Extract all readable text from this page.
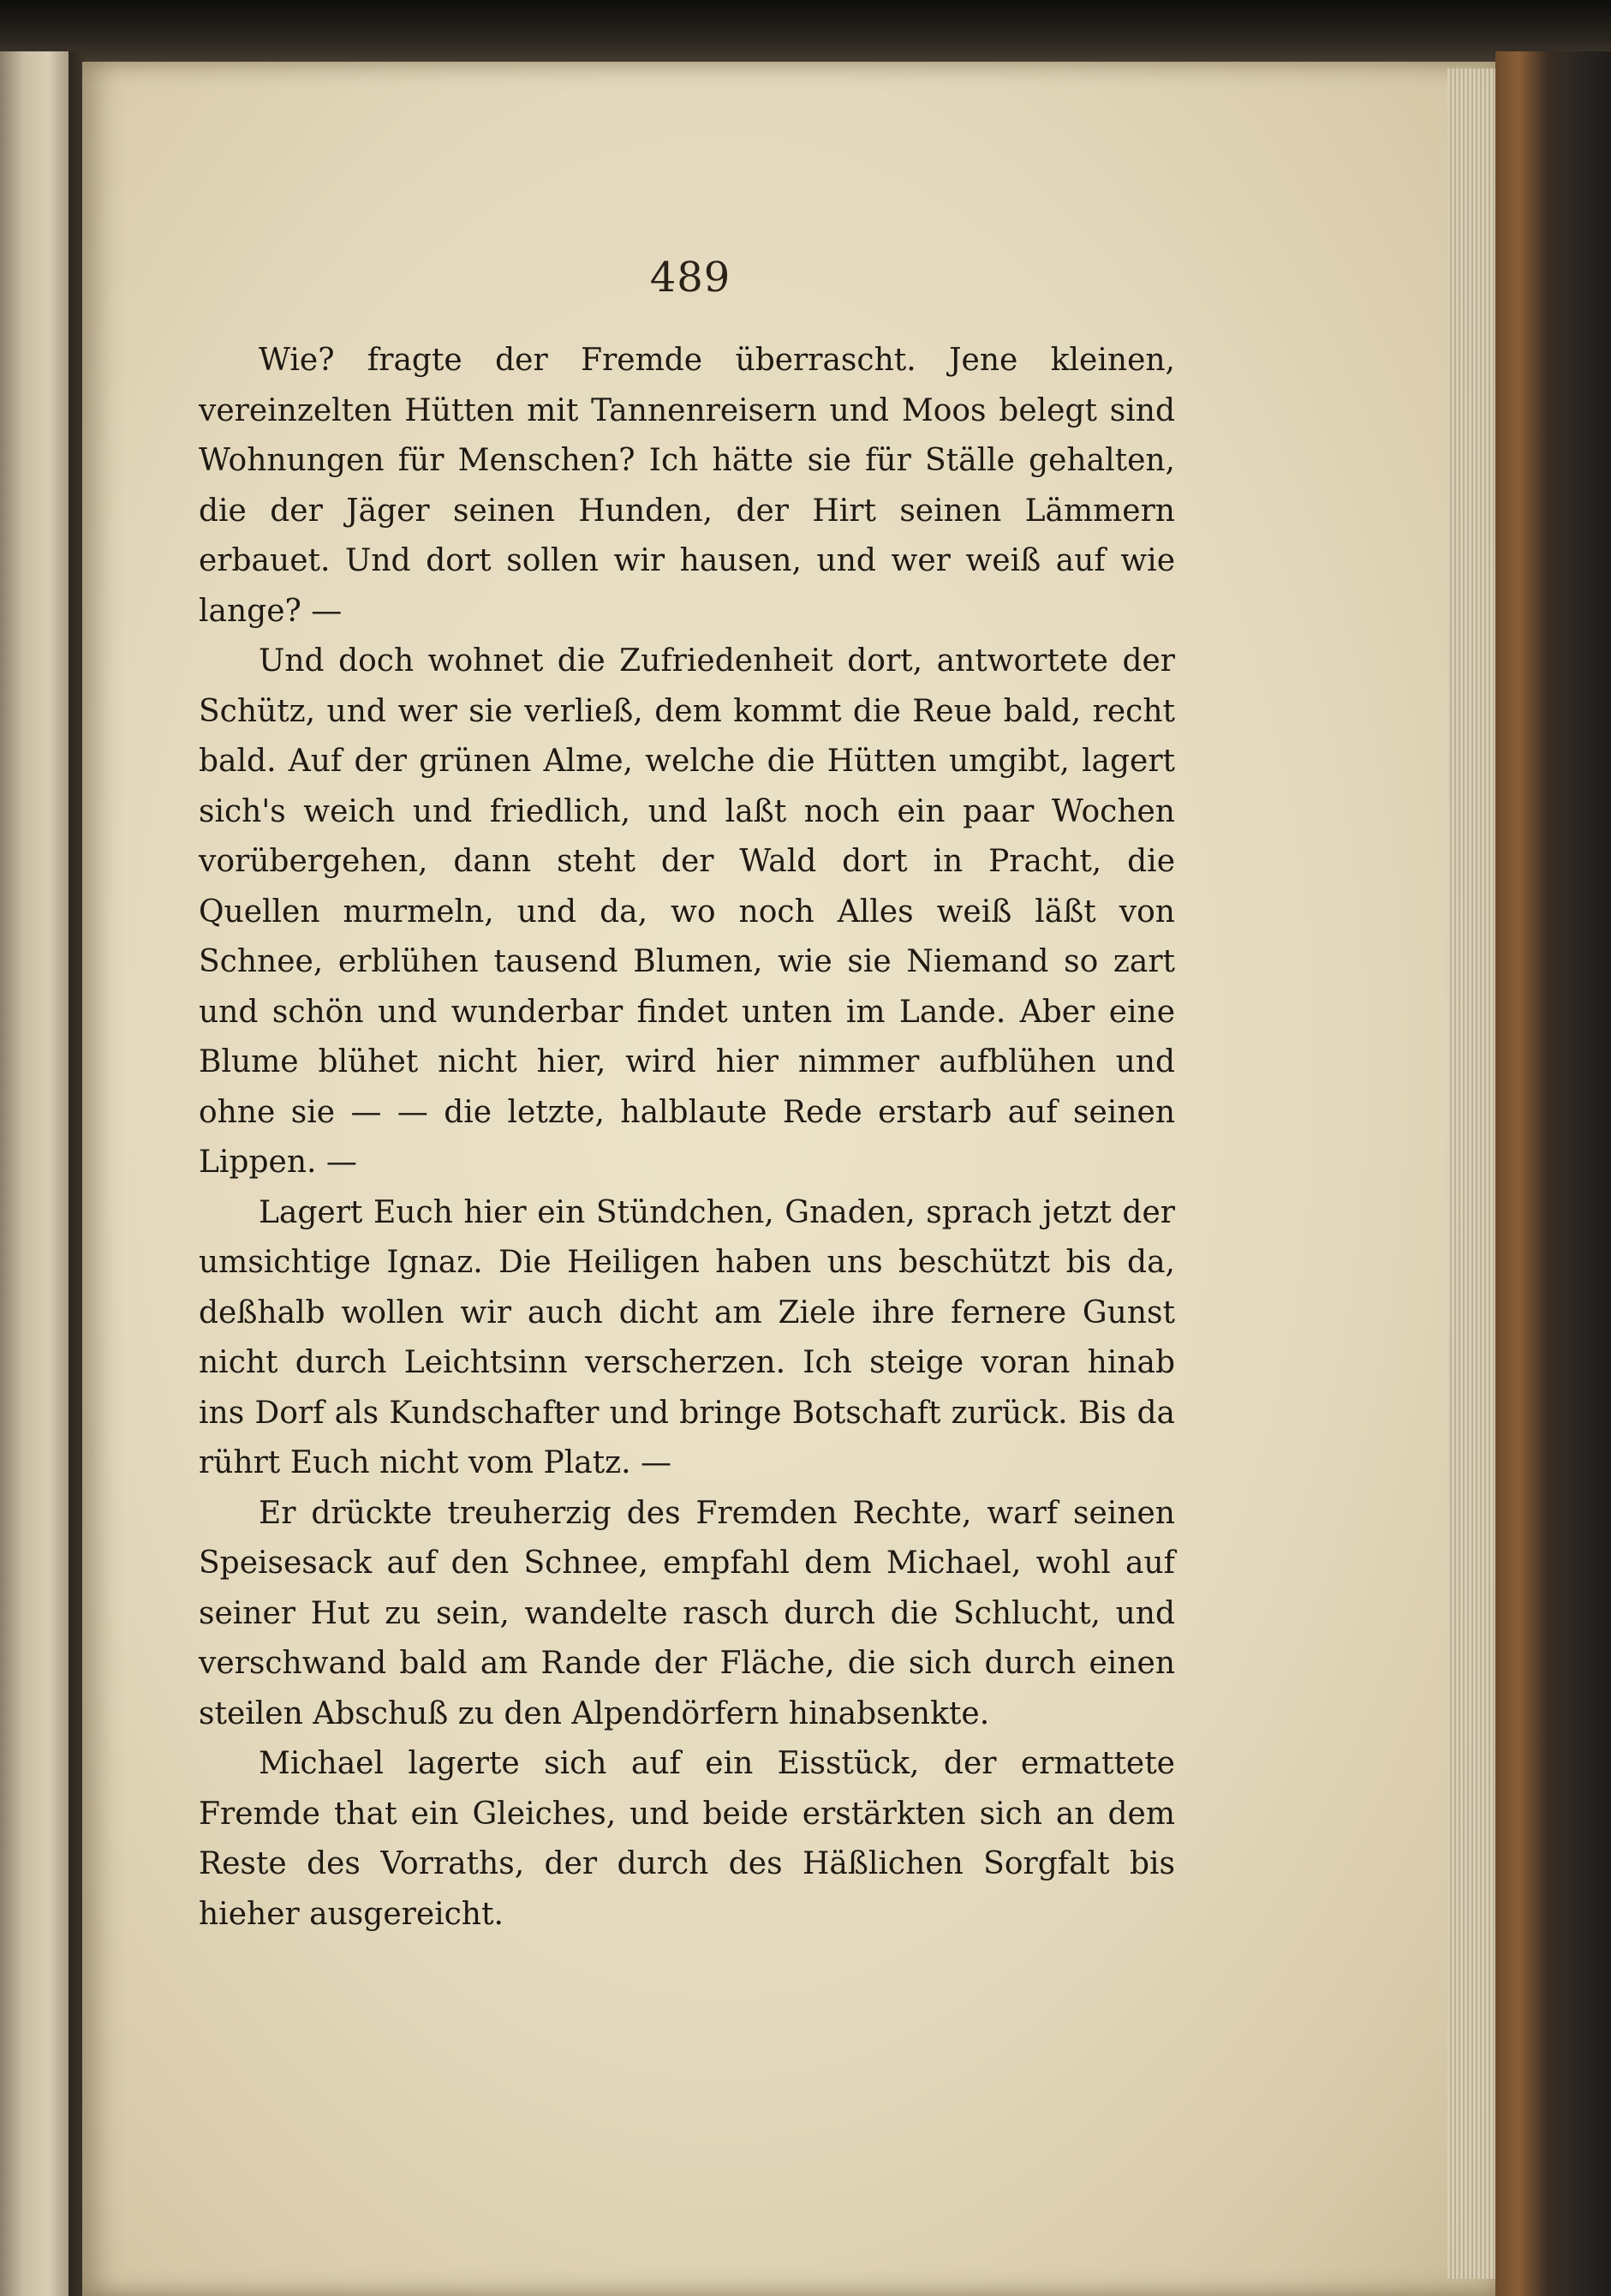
489

Wie? fragte der Fremde überrascht. Jene kleinen, vereinzelten Hütten mit Tannenreisern und Moos belegt sind Wohnungen für Menschen? Ich hätte sie für Ställe gehalten, die der Jäger seinen Hunden, der Hirt seinen Lämmern erbauet. Und dort sollen wir hausen, und wer weiß auf wie lange? —

Und doch wohnet die Zufriedenheit dort, antwortete der Schütz, und wer sie verließ, dem kommt die Reue bald, recht bald. Auf der grünen Alme, welche die Hütten umgibt, lagert sich's weich und friedlich, und laßt noch ein paar Wochen vorübergehen, dann steht der Wald dort in Pracht, die Quellen murmeln, und da, wo noch Alles weiß läßt von Schnee, erblühen tausend Blumen, wie sie Niemand so zart und schön und wunderbar findet unten im Lande. Aber eine Blume blühet nicht hier, wird hier nimmer aufblühen und ohne sie — — die letzte, halblaute Rede erstarb auf seinen Lippen. —

Lagert Euch hier ein Stündchen, Gnaden, sprach jetzt der umsichtige Ignaz. Die Heiligen haben uns beschützt bis da, deßhalb wollen wir auch dicht am Ziele ihre fernere Gunst nicht durch Leichtsinn verscherzen. Ich steige voran hinab ins Dorf als Kundschafter und bringe Botschaft zurück. Bis da rührt Euch nicht vom Platz. —

Er drückte treuherzig des Fremden Rechte, warf seinen Speisesack auf den Schnee, empfahl dem Michael, wohl auf seiner Hut zu sein, wandelte rasch durch die Schlucht, und verschwand bald am Rande der Fläche, die sich durch einen steilen Abschuß zu den Alpendörfern hinabsenkte.

Michael lagerte sich auf ein Eisstück, der ermattete Fremde that ein Gleiches, und beide erstärkten sich an dem Reste des Vorraths, der durch des Häßlichen Sorgfalt bis hieher ausgereicht.
